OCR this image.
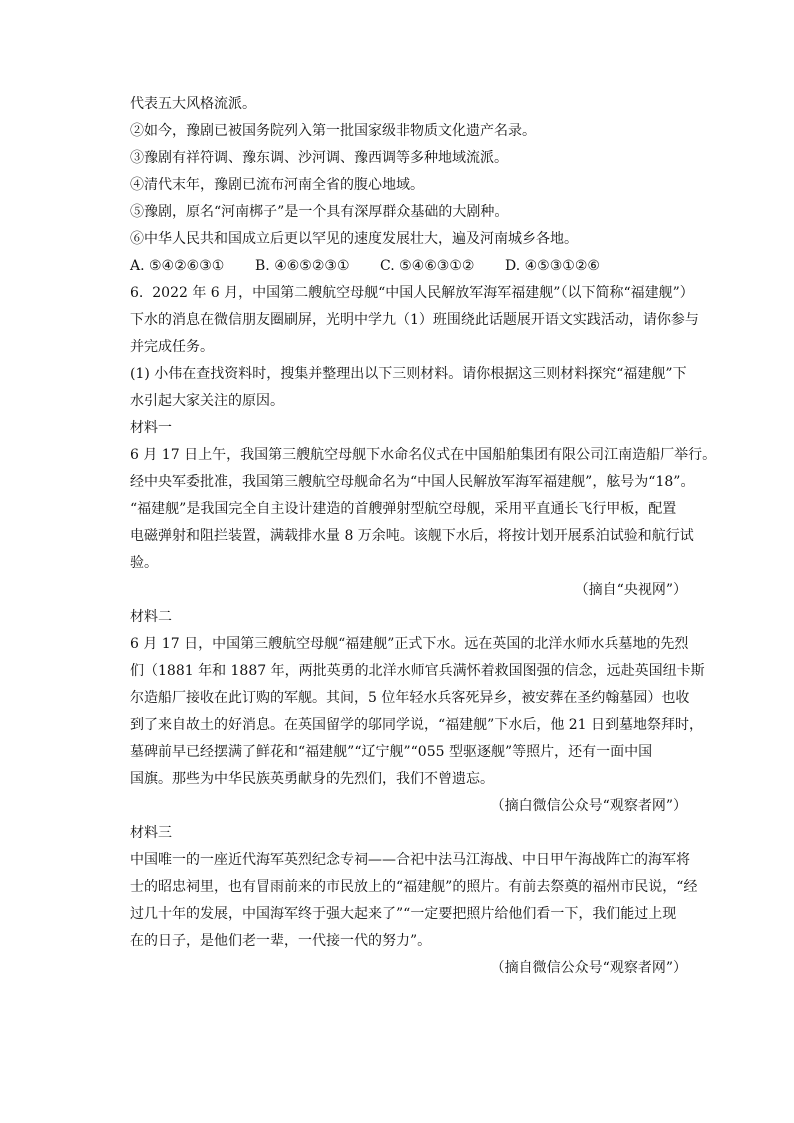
代表五大风格流派。
②如今，豫剧已被国务院列入第一批国家级非物质文化遗产名录。
③豫剧有祥符调、豫东调、沙河调、豫西调等多种地域流派。
④清代末年，豫剧已流布河南全省的腹心地域。
⑤豫剧，原名“河南梆子”是一个具有深厚群众基础的大剧种。
⑥中华人民共和国成立后更以罕见的速度发展壮大，遍及河南城乡各地。
A. ⑤④②⑥③①	B. ④⑥⑤②③①	C. ⑤④⑥③①②	D. ④⑤③①②⑥
6.  2022 年 6 月，中国第二艘航空母舰“中国人民解放军海军福建舰”（以下简称“福建舰”）
下水的消息在微信朋友圈刷屏，光明中学九（1）班围绕此话题展开语文实践活动，请你参与
并完成任务。
(1) 小伟在查找资料时，搜集并整理出以下三则材料。请你根据这三则材料探究“福建舰”下
水引起大家关注的原因。
材料一
6 月 17 日上午，我国第三艘航空母舰下水命名仪式在中国船舶集团有限公司江南造船厂举行。
经中央军委批准，我国第三艘航空母舰命名为“中国人民解放军海军福建舰”，舷号为“18”。
“福建舰”是我国完全自主设计建造的首艘弹射型航空母舰，采用平直通长飞行甲板，配置
电磁弹射和阻拦装置，满载排水量 8 万余吨。该舰下水后，将按计划开展系泊试验和航行试
验。
（摘自“央视网”）
材料二
6 月 17 日，中国第三艘航空母舰“福建舰”正式下水。远在英国的北洋水师水兵墓地的先烈
们（1881 年和 1887 年，两批英勇的北洋水师官兵满怀着救国图强的信念，远赴英国纽卡斯
尔造船厂接收在此订购的军舰。其间，5 位年轻水兵客死异乡，被安葬在圣约翰墓园）也收
到了来自故土的好消息。在英国留学的邬同学说，“福建舰”下水后，他 21 日到墓地祭拜时，
墓碑前早已经摆满了鲜花和“福建舰”“辽宁舰”“055 型驱逐舰”等照片，还有一面中国
国旗。那些为中华民族英勇献身的先烈们，我们不曾遗忘。
（摘白微信公众号“观察者网”）
材料三
中国唯一的一座近代海军英烈纪念专祠——合祀中法马江海战、中日甲午海战阵亡的海军将
士的昭忠祠里，也有冒雨前来的市民放上的“福建舰”的照片。有前去祭奠的福州市民说，“经
过几十年的发展，中国海军终于强大起来了”“一定要把照片给他们看一下，我们能过上现
在的日子，是他们老一辈，一代接一代的努力”。
（摘自微信公众号“观察者网”）
